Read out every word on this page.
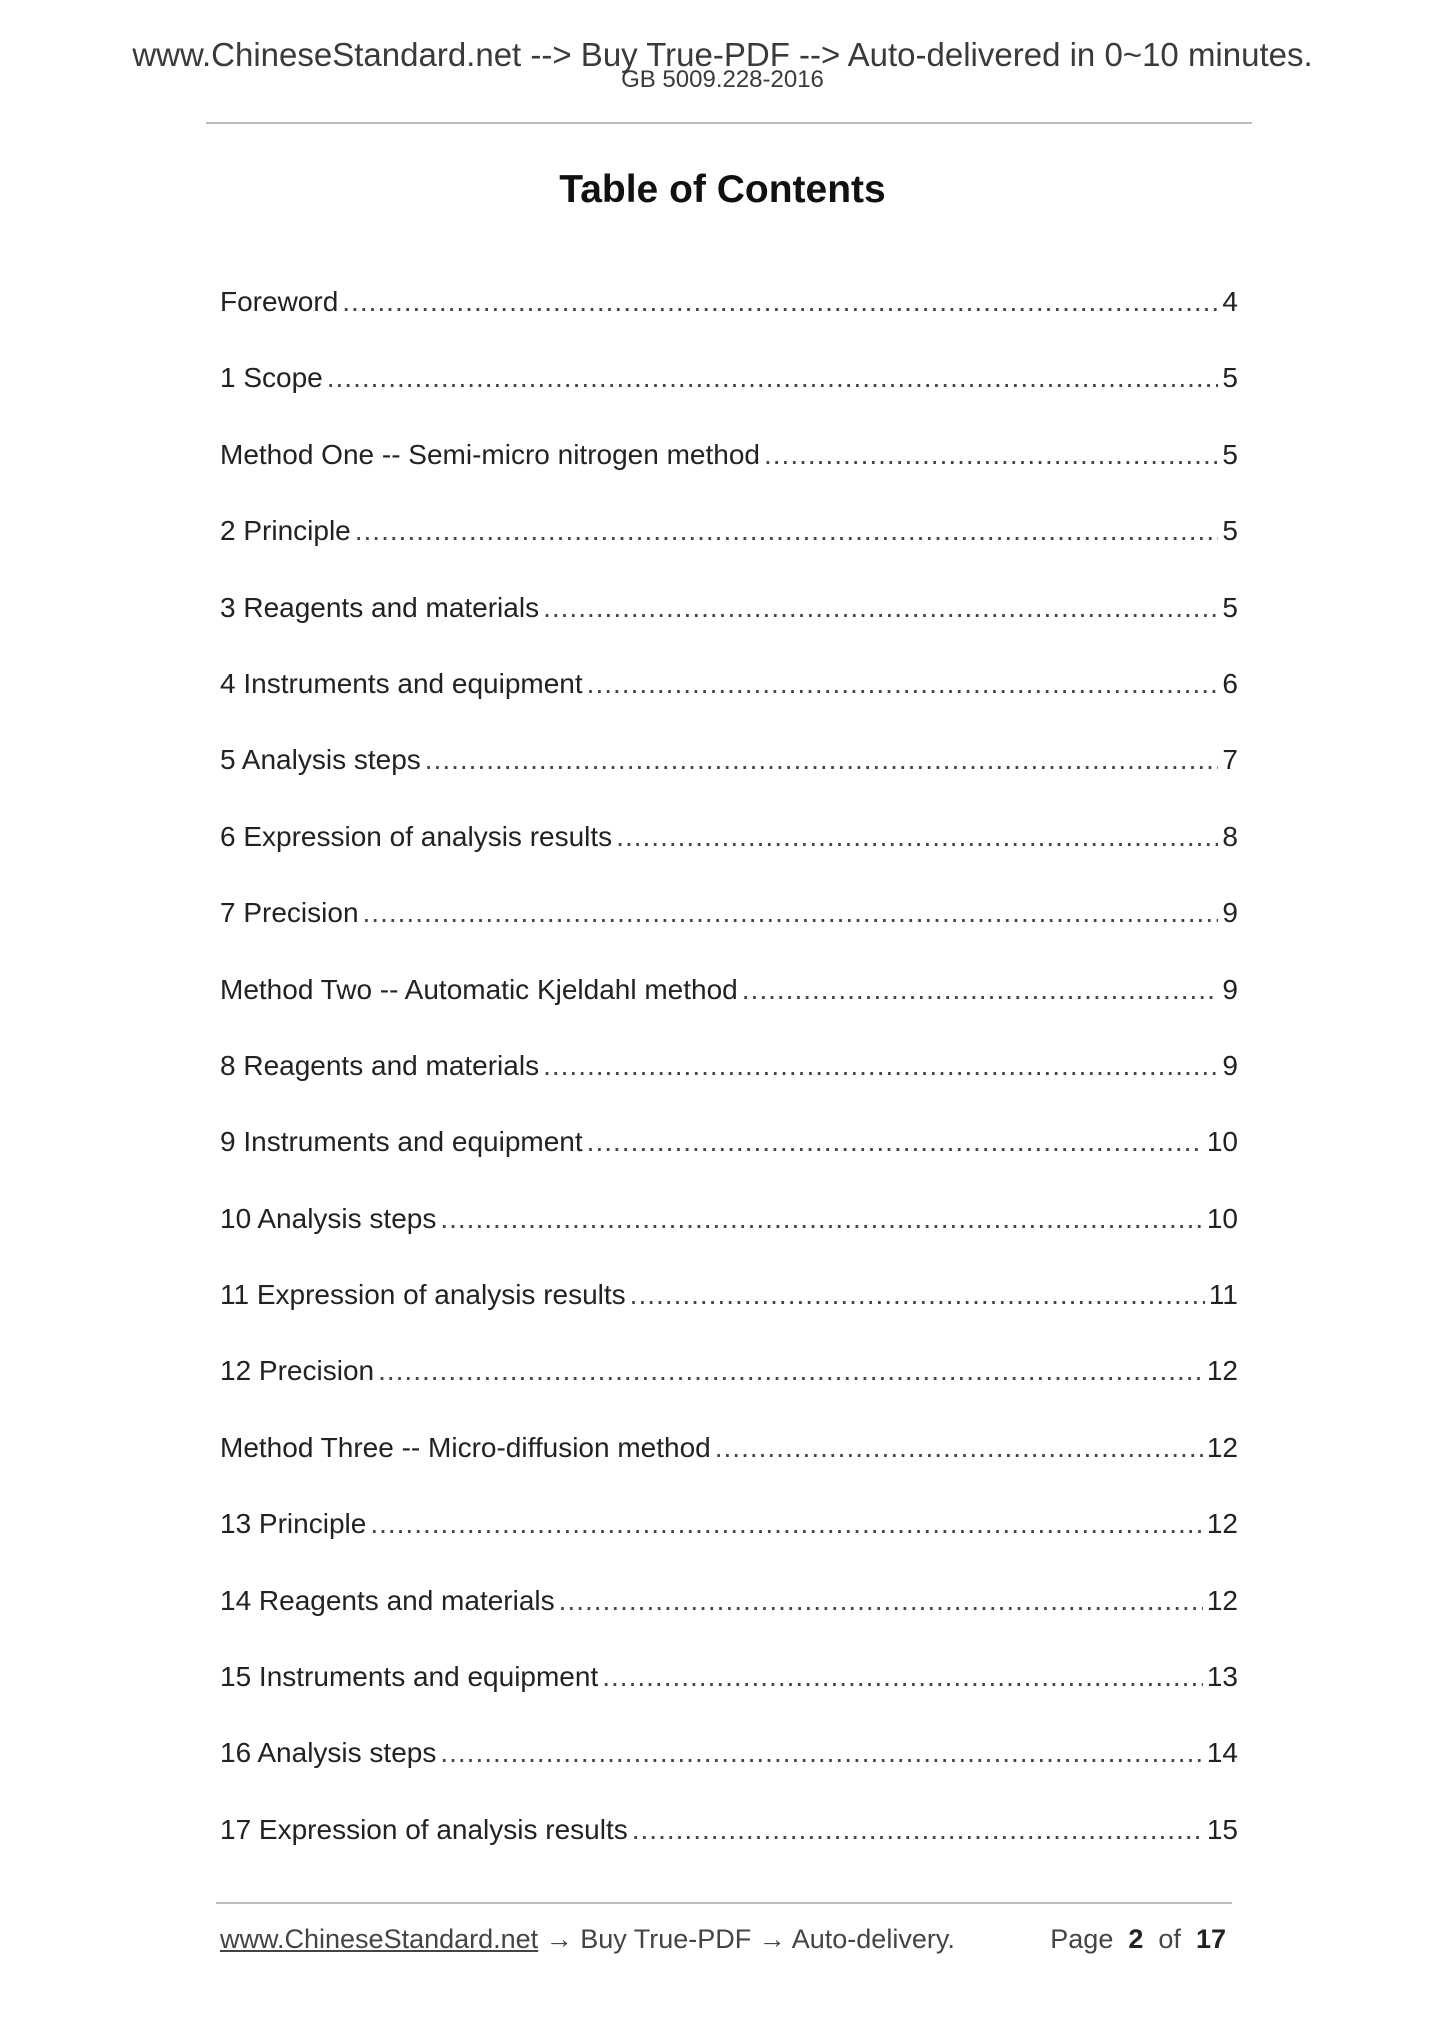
www.ChineseStandard.net --> Buy True-PDF --> Auto-delivered in 0~10 minutes.
GB 5009.228-2016
Table of Contents
Foreword .....	4
1 Scope .....	5
Method One -- Semi-micro nitrogen method .....	5
2 Principle .....	5
3 Reagents and materials .....	5
4 Instruments and equipment .....	6
5 Analysis steps .....	7
6 Expression of analysis results .....	8
7 Precision .....	9
Method Two -- Automatic Kjeldahl method .....	9
8 Reagents and materials .....	9
9 Instruments and equipment .....	10
10 Analysis steps .....	10
11 Expression of analysis results .....	11
12 Precision .....	12
Method Three -- Micro-diffusion method .....	12
13 Principle .....	12
14 Reagents and materials .....	12
15 Instruments and equipment .....	13
16 Analysis steps .....	14
17 Expression of analysis results .....	15
www.ChineseStandard.net → Buy True-PDF → Auto-delivery.	Page 2 of 17
